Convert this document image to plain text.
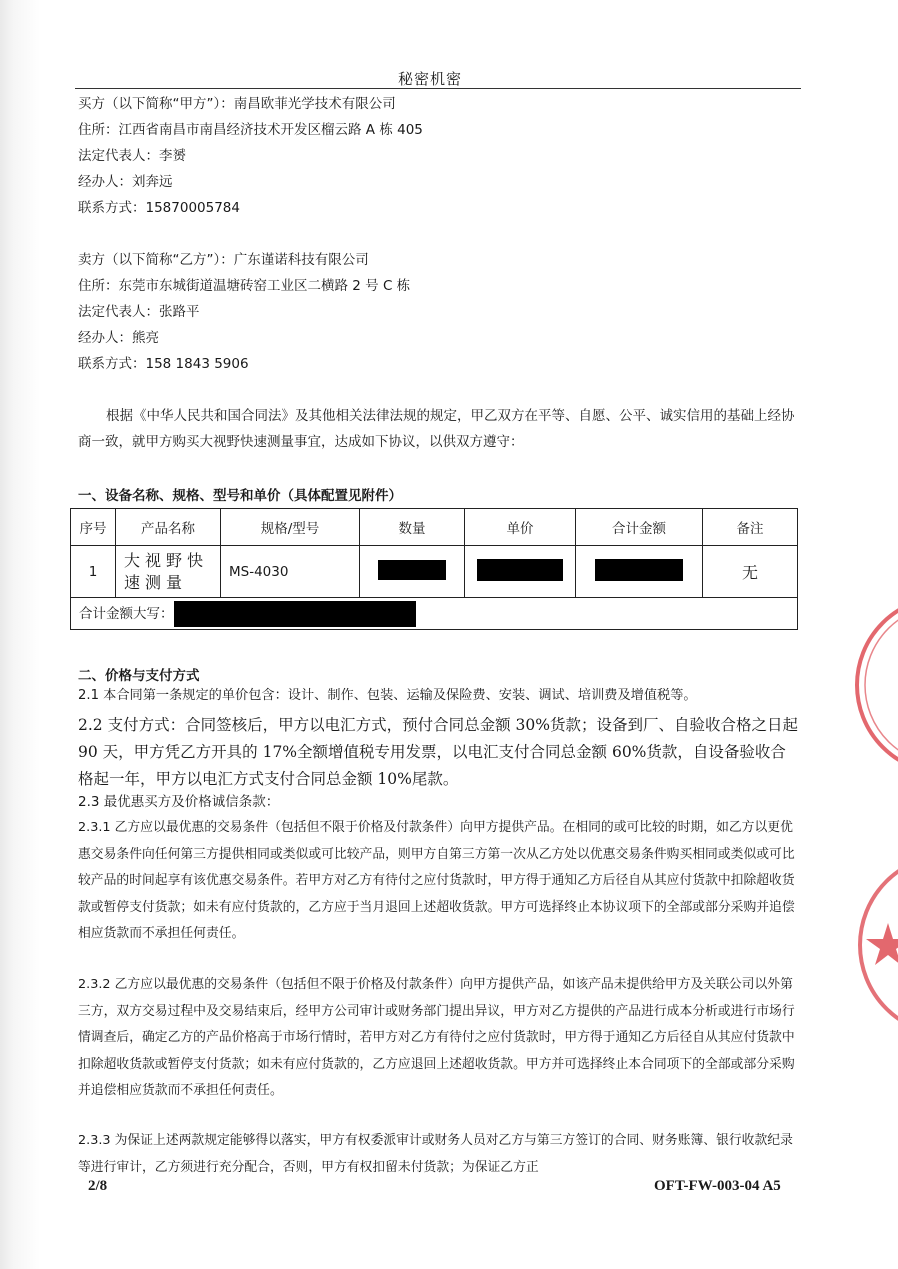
秘密机密
买方（以下简称“甲方”）：南昌欧菲光学技术有限公司
住所：江西省南昌市南昌经济技术开发区榴云路 A 栋 405
法定代表人：李赟
经办人：刘奔远
联系方式：15870005784
卖方（以下简称“乙方”）：广东谨诺科技有限公司
住所：东莞市东城街道温塘砖窑工业区二横路 2 号 C 栋
法定代表人：张路平
经办人：熊亮
联系方式：158 1843 5906
根据《中华人民共和国合同法》及其他相关法律法规的规定，甲乙双方在平等、自愿、公平、诚实信用的基础上经协商一致，就甲方购买大视野快速测量事宜，达成如下协议，以供双方遵守：
一、设备名称、规格、型号和单价（具体配置见附件）
序号	产品名称	规格/型号	数量	单价	合计金额	备注
1	大视野快速测量	MS-4030				无
合计金额大写：						
二、价格与支付方式
2.1 本合同第一条规定的单价包含：设计、制作、包装、运输及保险费、安装、调试、培训费及增值税等。
2.2 支付方式：合同签核后，甲方以电汇方式，预付合同总金额 30%货款；设备到厂、自验收合格之日起 90 天，甲方凭乙方开具的 17%全额增值税专用发票，以电汇支付合同总金额 60%货款，自设备验收合格起一年，甲方以电汇方式支付合同总金额 10%尾款。
2.3 最优惠买方及价格诚信条款：
2.3.1 乙方应以最优惠的交易条件（包括但不限于价格及付款条件）向甲方提供产品。在相同的或可比较的时期，如乙方以更优惠交易条件向任何第三方提供相同或类似或可比较产品，则甲方自第三方第一次从乙方处以优惠交易条件购买相同或类似或可比较产品的时间起享有该优惠交易条件。若甲方对乙方有待付之应付货款时，甲方得于通知乙方后径自从其应付货款中扣除超收货款或暂停支付货款；如未有应付货款的，乙方应于当月退回上述超收货款。甲方可选择终止本协议项下的全部或部分采购并追偿相应货款而不承担任何责任。
2.3.2 乙方应以最优惠的交易条件（包括但不限于价格及付款条件）向甲方提供产品，如该产品未提供给甲方及关联公司以外第三方，双方交易过程中及交易结束后，经甲方公司审计或财务部门提出异议，甲方对乙方提供的产品进行成本分析或进行市场行情调查后，确定乙方的产品价格高于市场行情时，若甲方对乙方有待付之应付货款时，甲方得于通知乙方后径自从其应付货款中扣除超收货款或暂停支付货款；如未有应付货款的，乙方应退回上述超收货款。甲方并可选择终止本合同项下的全部或部分采购并追偿相应货款而不承担任何责任。
2.3.3 为保证上述两款规定能够得以落实，甲方有权委派审计或财务人员对乙方与第三方签订的合同、财务账簿、银行收款纪录等进行审计，乙方须进行充分配合，否则，甲方有权扣留未付货款；为保证乙方正
2/8	OFT-FW-003-04 A5
